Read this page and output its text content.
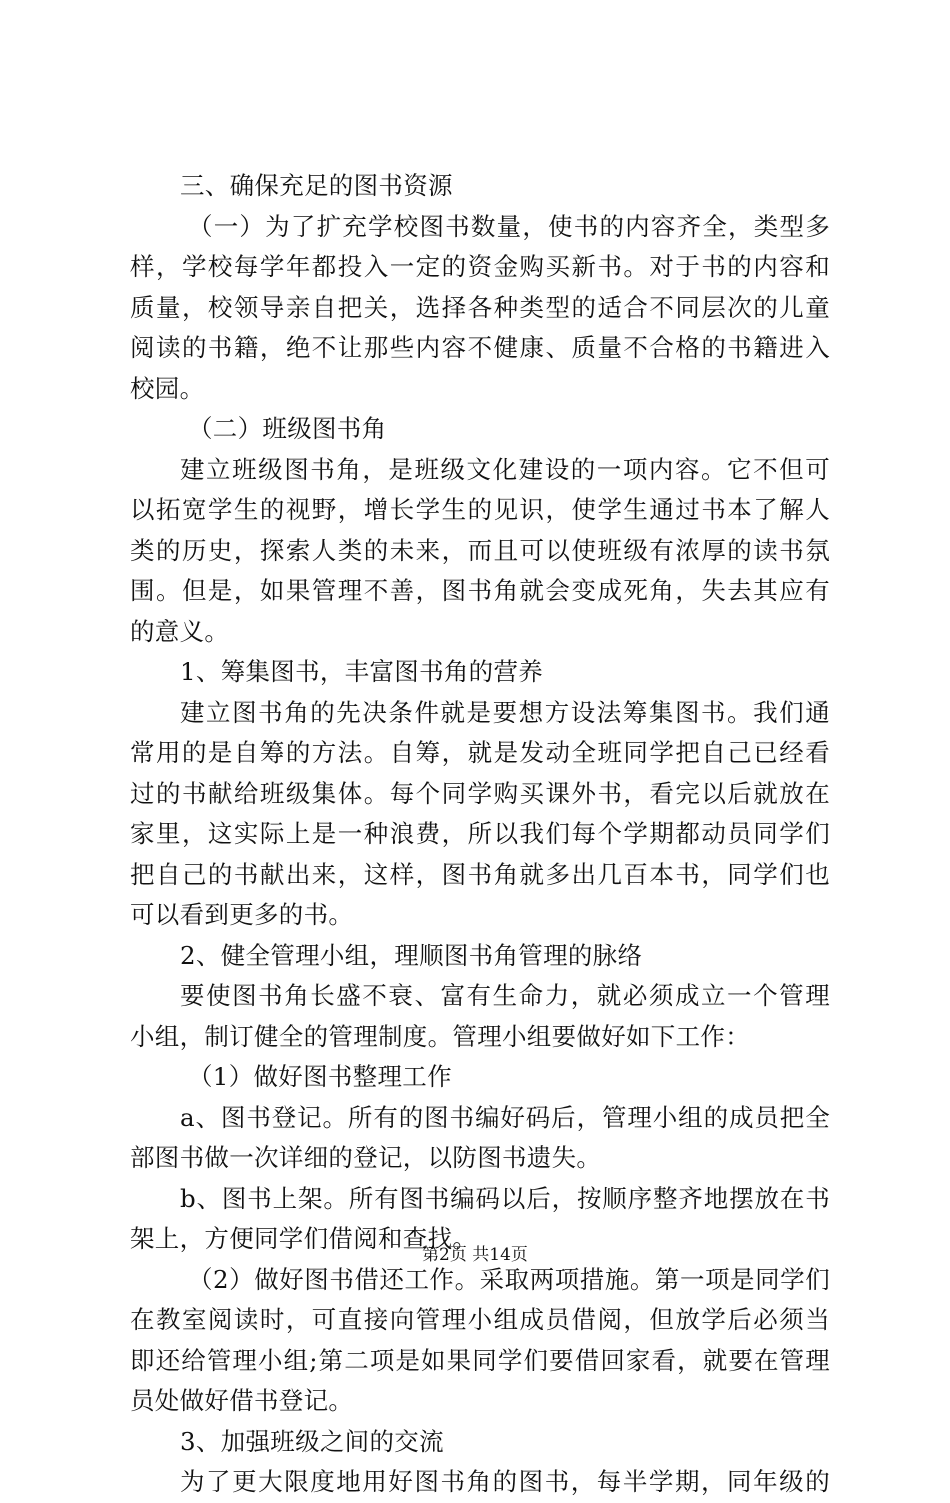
三、确保充足的图书资源
（一）为了扩充学校图书数量，使书的内容齐全，类型多
样，学校每学年都投入一定的资金购买新书。对于书的内容和
质量，校领导亲自把关，选择各种类型的适合不同层次的儿童
阅读的书籍，绝不让那些内容不健康、质量不合格的书籍进入
校园。
（二）班级图书角
建立班级图书角，是班级文化建设的一项内容。它不但可
以拓宽学生的视野，增长学生的见识，使学生通过书本了解人
类的历史，探索人类的未来，而且可以使班级有浓厚的读书氛
围。但是，如果管理不善，图书角就会变成死角，失去其应有
的意义。
1、筹集图书，丰富图书角的营养
建立图书角的先决条件就是要想方设法筹集图书。我们通
常用的是自筹的方法。自筹，就是发动全班同学把自己已经看
过的书献给班级集体。每个同学购买课外书，看完以后就放在
家里，这实际上是一种浪费，所以我们每个学期都动员同学们
把自己的书献出来，这样，图书角就多出几百本书，同学们也
可以看到更多的书。
2、健全管理小组，理顺图书角管理的脉络
要使图书角长盛不衰、富有生命力，就必须成立一个管理
小组，制订健全的管理制度。管理小组要做好如下工作：
（1）做好图书整理工作
a、图书登记。所有的图书编好码后，管理小组的成员把全
部图书做一次详细的登记，以防图书遗失。
b、图书上架。所有图书编码以后，按顺序整齐地摆放在书
架上，方便同学们借阅和查找。
（2）做好图书借还工作。采取两项措施。第一项是同学们
在教室阅读时，可直接向管理小组成员借阅，但放学后必须当
即还给管理小组;第二项是如果同学们要借回家看，就要在管理
员处做好借书登记。
3、加强班级之间的交流
为了更大限度地用好图书角的图书，每半学期，同年级的
第2页 共14页
